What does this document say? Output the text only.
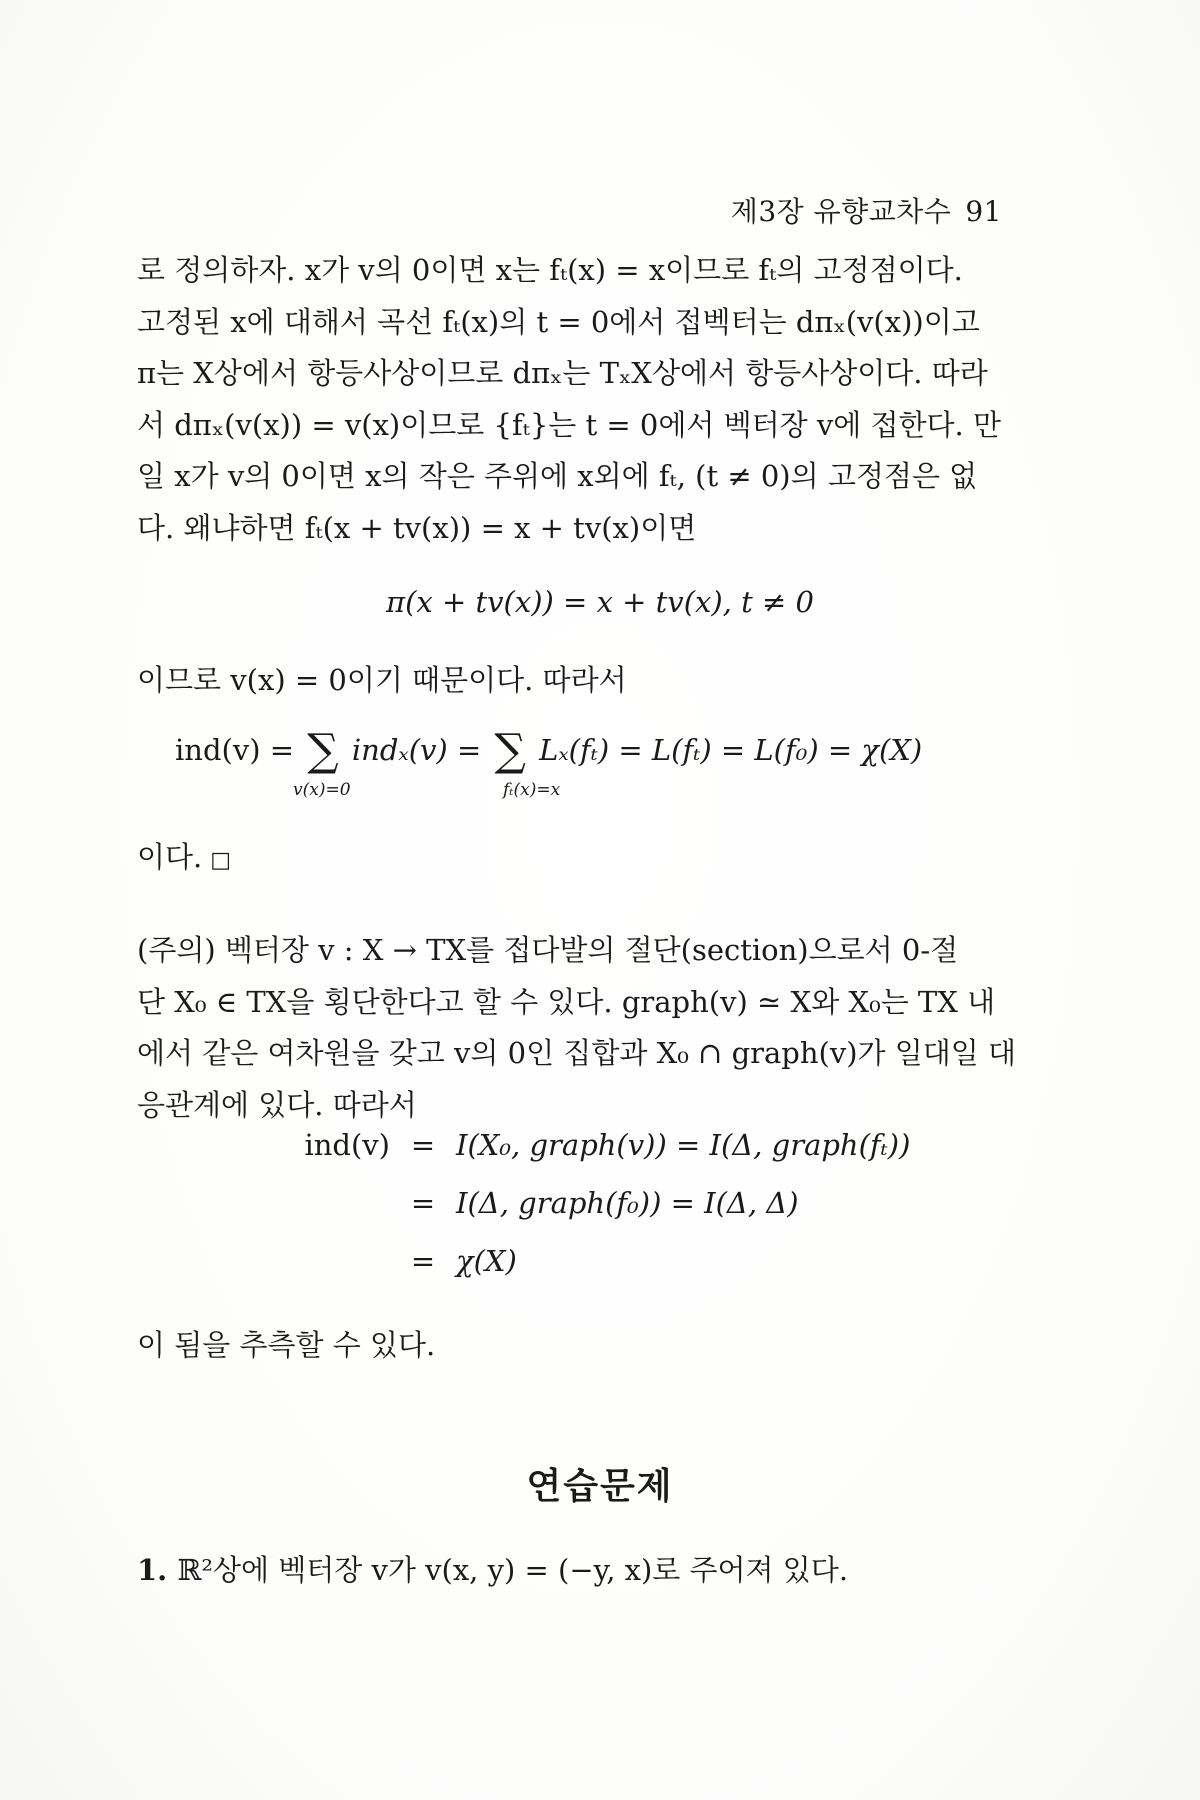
제3장 유향교차수 91

로 정의하자. x가 v의 0이면 x는 fₜ(x) = x이므로 fₜ의 고정점이다.

고정된 x에 대해서 곡선 fₜ(x)의 t = 0에서 접벡터는 dπₓ(v(x))이고

π는 X상에서 항등사상이므로 dπₓ는 TₓX상에서 항등사상이다. 따라

서 dπₓ(v(x)) = v(x)이므로 {fₜ}는 t = 0에서 벡터장 v에 접한다. 만

일 x가 v의 0이면 x의 작은 주위에 x외에 fₜ, (t ≠ 0)의 고정점은 없

다. 왜냐하면 fₜ(x + tv(x)) = x + tv(x)이면

π(x + tv(x)) = x + tv(x), t ≠ 0

이므로 v(x) = 0이기 때문이다. 따라서

ind(v) = ∑ indₓ(v) = ∑ Lₓ(fₜ) = L(fₜ) = L(f₀) = χ(X)
v(x)=0	fₜ(x)=x

이다. □

(주의) 벡터장 v : X → TX를 접다발의 절단(section)으로서 0-절

단 X₀ ∈ TX을 횡단한다고 할 수 있다. graph(v) ≃ X와 X₀는 TX 내

에서 같은 여차원을 갖고 v의 0인 집합과 X₀ ∩ graph(v)가 일대일 대

응관계에 있다. 따라서

ind(v) = I(X₀, graph(v)) = I(Δ, graph(fₜ))
= I(Δ, graph(f₀)) = I(Δ, Δ)
= χ(X)

이 됨을 추측할 수 있다.

연습문제
1. ℝ²상에 벡터장 v가 v(x, y) = (−y, x)로 주어져 있다.
